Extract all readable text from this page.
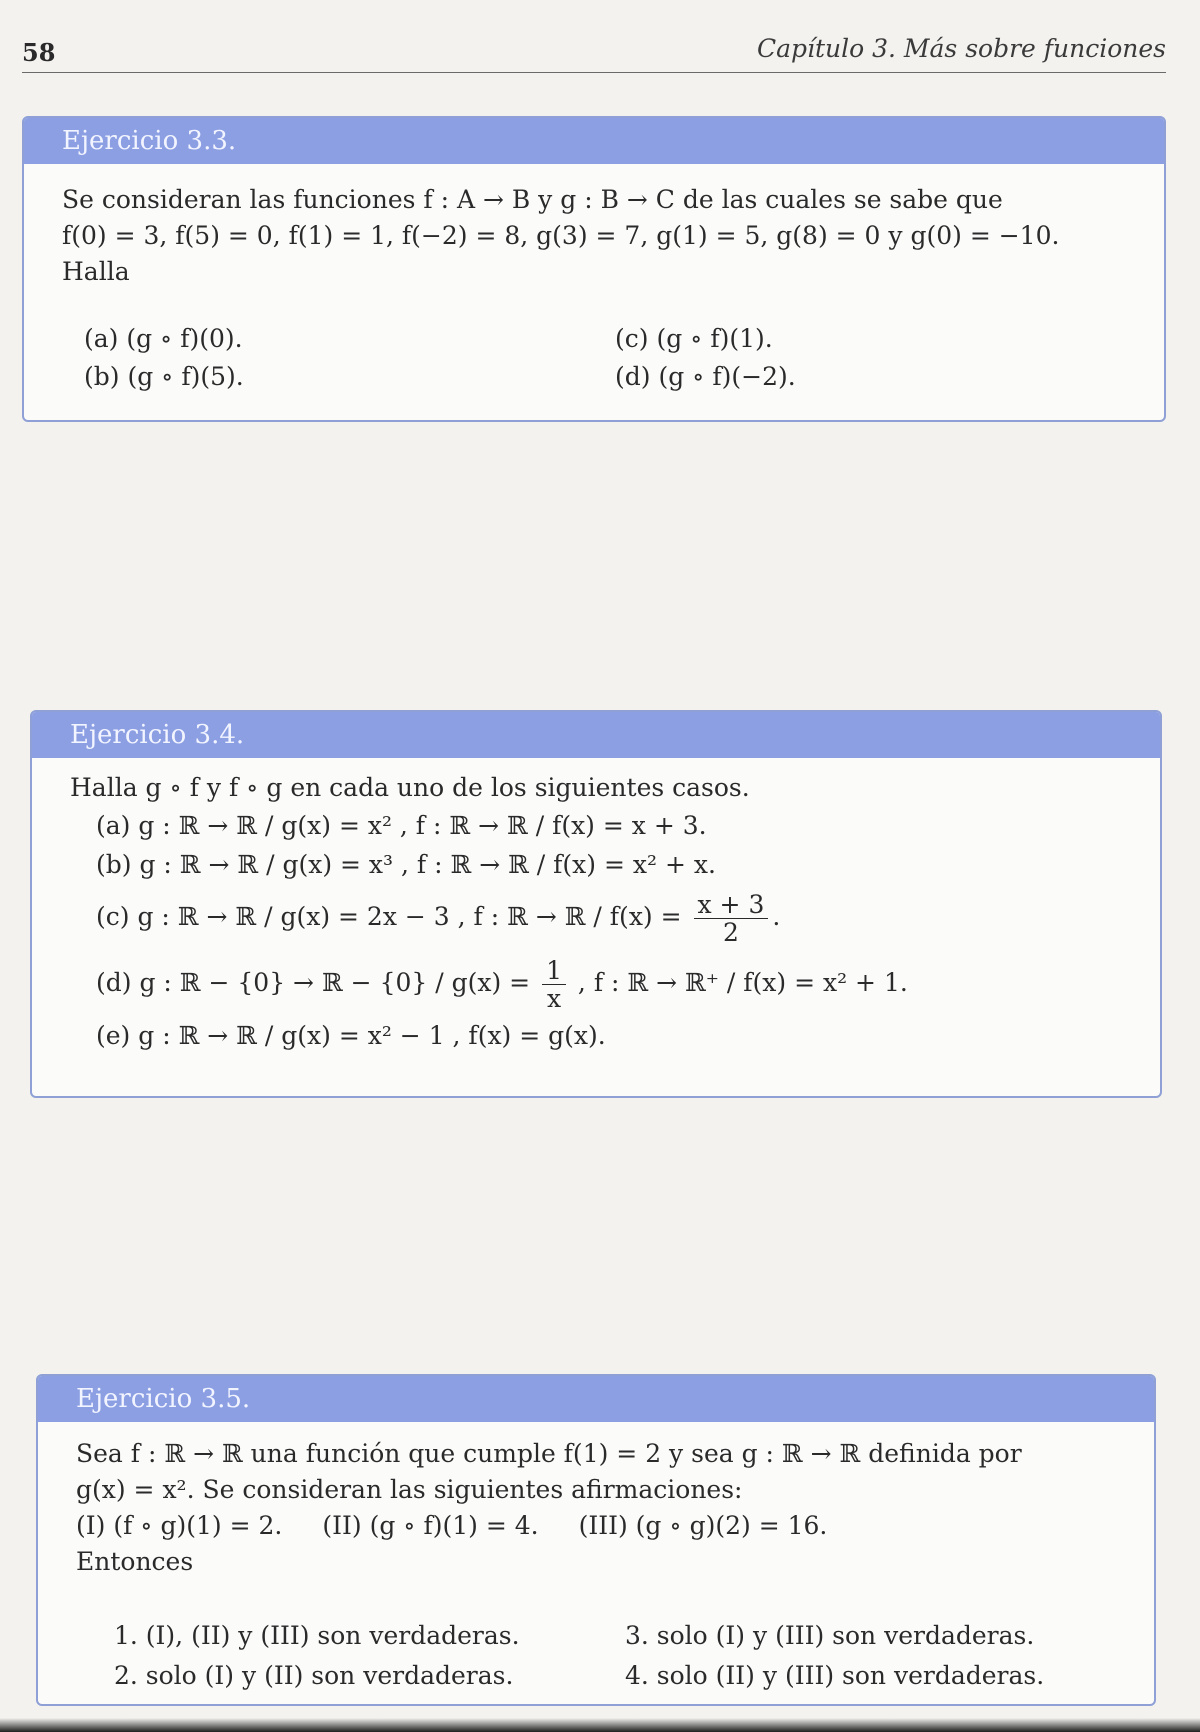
58	Capítulo 3. Más sobre funciones
Ejercicio 3.3.
Se consideran las funciones f : A → B y g : B → C de las cuales se sabe que
f(0) = 3, f(5) = 0, f(1) = 1, f(−2) = 8, g(3) = 7, g(1) = 5, g(8) = 0 y g(0) = −10.
Halla
(a) (g ∘ f)(0).	(c) (g ∘ f)(1).
(b) (g ∘ f)(5).	(d) (g ∘ f)(−2).
Ejercicio 3.4.
Halla g ∘ f y f ∘ g en cada uno de los siguientes casos.
(a) g : ℝ → ℝ / g(x) = x² , f : ℝ → ℝ / f(x) = x + 3.
(b) g : ℝ → ℝ / g(x) = x³ , f : ℝ → ℝ / f(x) = x² + x.
(c) g : ℝ → ℝ / g(x) = 2x − 3 , f : ℝ → ℝ / $f(x) = \frac{x + 3}{2}$ .
(d) g : ℝ − {0} → ℝ − $\{0\} / g(x) = \frac{1}{x}$ , f : ℝ → ℝ⁺ / f(x) = x² + 1.
(e) g : ℝ → ℝ / g(x) = x² − 1 , f(x) = g(x).
Ejercicio 3.5.
Sea f : ℝ → ℝ una función que cumple f(1) = 2 y sea g : ℝ → ℝ definida por
g(x) = x². Se consideran las siguientes afirmaciones:
(I) (f ∘ g)(1) = 2. (II) (g ∘ f)(1) = 4. (III) (g ∘ g)(2) = 16.
Entonces
1. (I), (II) y (III) son verdaderas.	3. solo (I) y (III) son verdaderas.
2. solo (I) y (II) son verdaderas.	4. solo (II) y (III) son verdaderas.
